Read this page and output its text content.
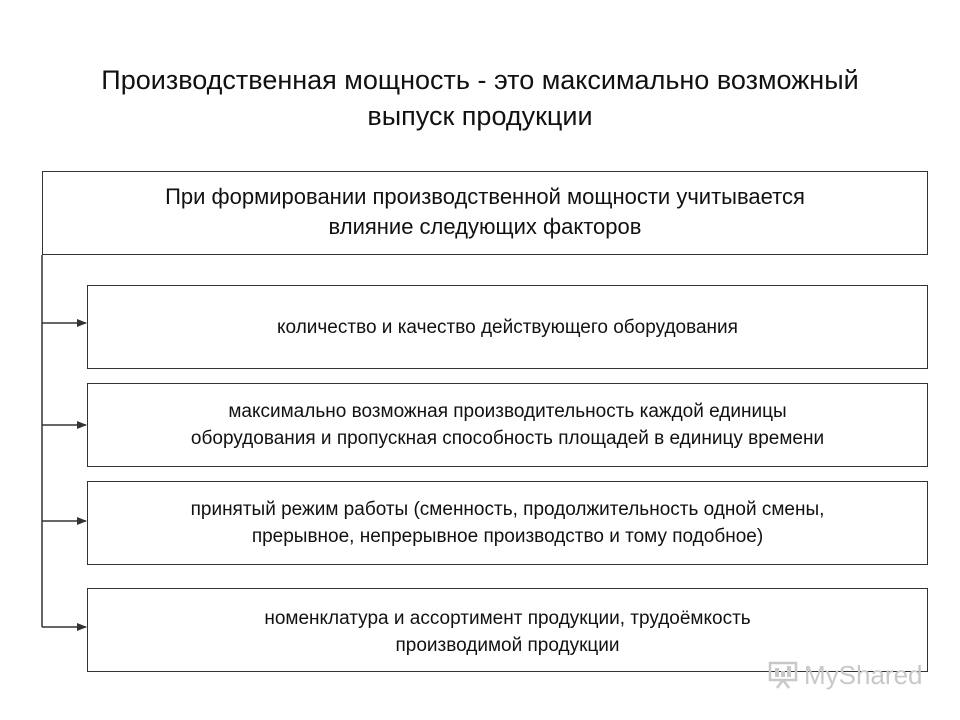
Производственная мощность - это максимально возможный
выпуск продукции
При формировании производственной мощности учитывается
влияние следующих факторов
количество и качество действующего оборудования
максимально возможная производительность каждой единицы
оборудования и пропускная способность площадей в единицу времени
принятый режим работы (сменность, продолжительность одной смены,
прерывное, непрерывное производство и тому подобное)
номенклатура и ассортимент продукции, трудоёмкость
производимой продукции
MyShared
